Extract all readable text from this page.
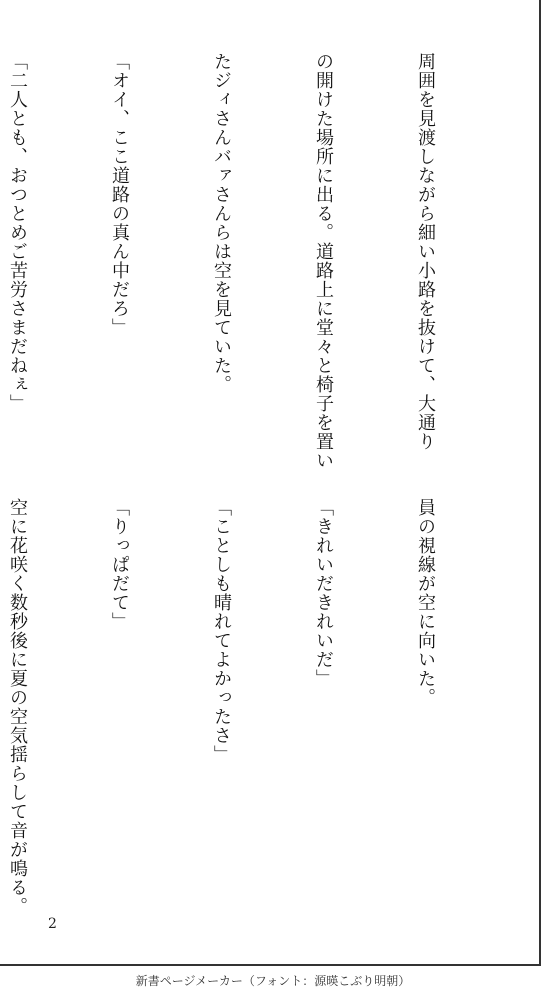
周囲を見渡しながら細い小路を抜けて、大通り

の開けた場所に出る。道路上に堂々と椅子を置い

たジィさんバァさんらは空を見ていた。

「オイ、ここ道路の真ん中だろ」

「二人とも、おつとめご苦労さまだねぇ」

員の視線が空に向いた。

「きれいだきれいだ」

「ことしも晴れてよかったさ」

「りっぱだて」

空に花咲く数秒後に夏の空気揺らして音が鳴る。

2
新書ページメーカー（フォント：源暎こぶり明朝）
